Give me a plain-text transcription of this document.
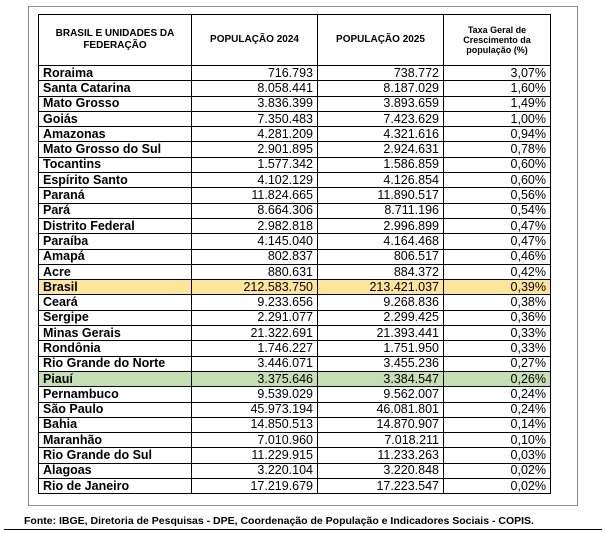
BRASIL E UNIDADES DA FEDERAÇÃO	POPULAÇÃO 2024	POPULAÇÃO 2025	Taxa Geral de Crescimento da população (%)
Roraima	716.793	738.772	3,07%
Santa Catarina	8.058.441	8.187.029	1,60%
Mato Grosso	3.836.399	3.893.659	1,49%
Goiás	7.350.483	7.423.629	1,00%
Amazonas	4.281.209	4.321.616	0,94%
Mato Grosso do Sul	2.901.895	2.924.631	0,78%
Tocantins	1.577.342	1.586.859	0,60%
Espírito Santo	4.102.129	4.126.854	0,60%
Paraná	11.824.665	11.890.517	0,56%
Pará	8.664.306	8.711.196	0,54%
Distrito Federal	2.982.818	2.996.899	0,47%
Paraíba	4.145.040	4.164.468	0,47%
Amapá	802.837	806.517	0,46%
Acre	880.631	884.372	0,42%
Brasil	212.583.750	213.421.037	0,39%
Ceará	9.233.656	9.268.836	0,38%
Sergipe	2.291.077	2.299.425	0,36%
Minas Gerais	21.322.691	21.393.441	0,33%
Rondônia	1.746.227	1.751.950	0,33%
Rio Grande do Norte	3.446.071	3.455.236	0,27%
Piauí	3.375.646	3.384.547	0,26%
Pernambuco	9.539.029	9.562.007	0,24%
São Paulo	45.973.194	46.081.801	0,24%
Bahia	14.850.513	14.870.907	0,14%
Maranhão	7.010.960	7.018.211	0,10%
Rio Grande do Sul	11.229.915	11.233.263	0,03%
Alagoas	3.220.104	3.220.848	0,02%
Rio de Janeiro	17.219.679	17.223.547	0,02%
Fonte: IBGE, Diretoria de Pesquisas - DPE, Coordenação de População e Indicadores Sociais - COPIS.
